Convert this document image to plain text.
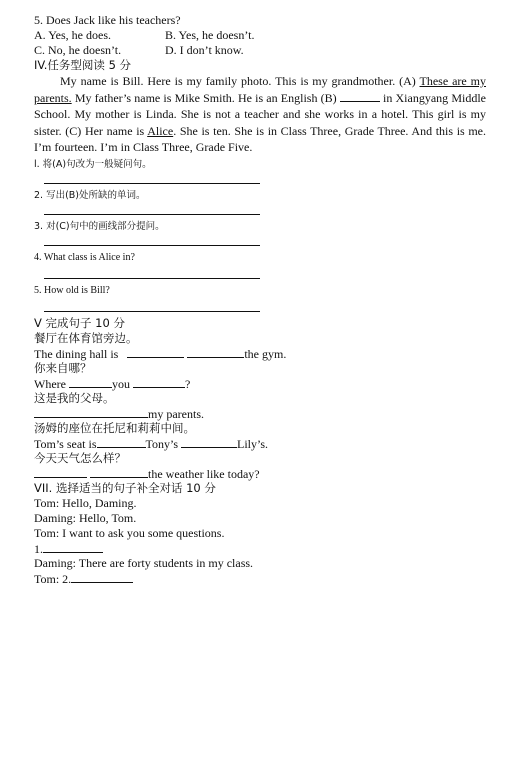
5. Does Jack like his teachers?
A. Yes, he does.	B. Yes, he doesn’t.
C. No, he doesn’t.	D. I don’t know.
IV.任务型阅读 5 分
My name is Bill. Here is my family photo. This is my grandmother. (A) These are my parents. My father’s name is Mike Smith. He is an English (B)	in Xiangyang Middle School. My mother is Linda. She is not a teacher and she works in a hotel. This girl is my sister. (C) Her name is Alice. She is ten. She is in Class Three, Grade Three. And this is me. I’m fourteen. I’m in Class Three, Grade Five.
l. 将(A)句改为一般疑问句。
2. 写出(B)处所缺的单词。
3. 对(C)句中的画线部分提问。
4. What class is Alice in?
5. How old is Bill?
V 完成句子 10 分
餐厅在体育馆旁边。
The dining hall is	the gym.
你来自哪？
Where	you	?
这是我的父母。
my parents.
汤姆的座位在托尼和莉莉中间。
Tom’s seat is	Tony’s	Lily’s.
今天天气怎么样？
the weather like today?
VII. 选择适当的句子补全对话 10 分
Tom: Hello, Daming.
Daming: Hello, Tom.
Tom: I want to ask you some questions.
1.
Daming: There are forty students in my class.
Tom: 2.
